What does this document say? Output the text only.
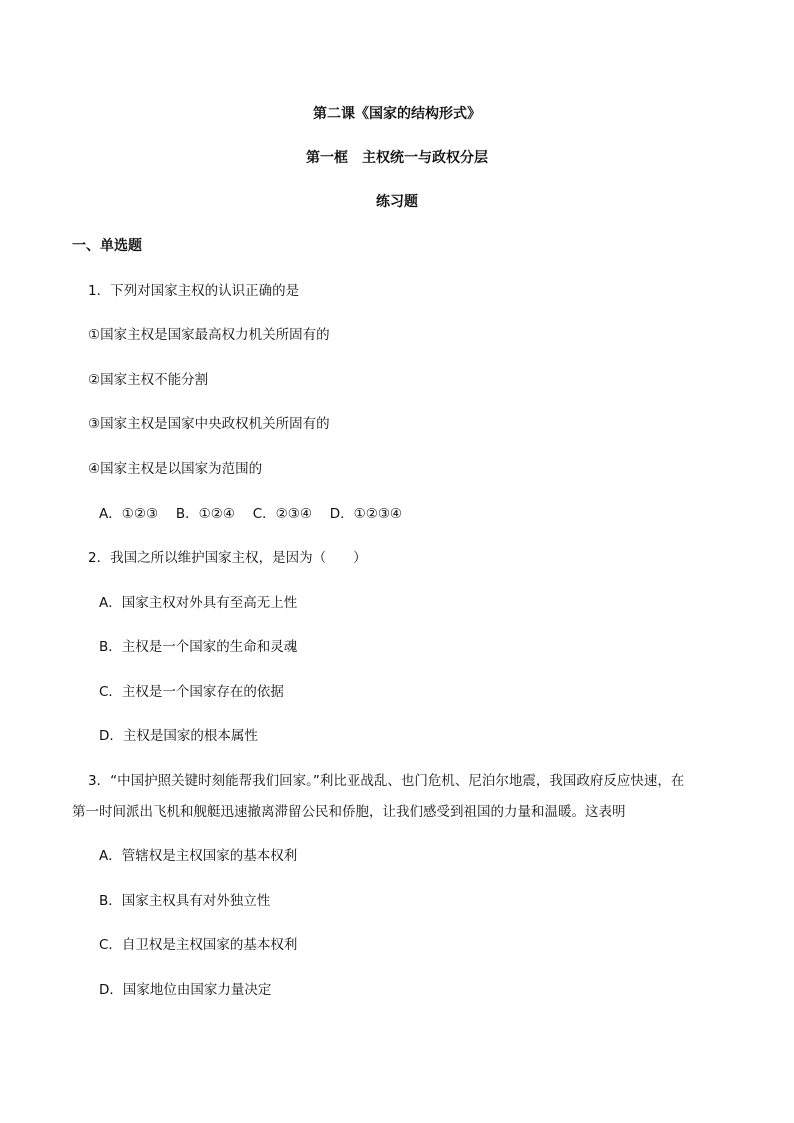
第二课《国家的结构形式》
第一框　主权统一与政权分层
练习题
一、单选题
1．下列对国家主权的认识正确的是
①国家主权是国家最高权力机关所固有的
②国家主权不能分割
③国家主权是国家中央政权机关所固有的
④国家主权是以国家为范围的
A．①②③　 B．①②④　 C．②③④　 D．①②③④
2．我国之所以维护国家主权，是因为（　　）
A．国家主权对外具有至高无上性
B．主权是一个国家的生命和灵魂
C．主权是一个国家存在的依据
D．主权是国家的根本属性
3．“中国护照关键时刻能帮我们回家。”利比亚战乱、也门危机、尼泊尔地震，我国政府反应快速，在
第一时间派出飞机和舰艇迅速撤离滞留公民和侨胞，让我们感受到祖国的力量和温暖。这表明
A．管辖权是主权国家的基本权利
B．国家主权具有对外独立性
C．自卫权是主权国家的基本权利
D．国家地位由国家力量决定
